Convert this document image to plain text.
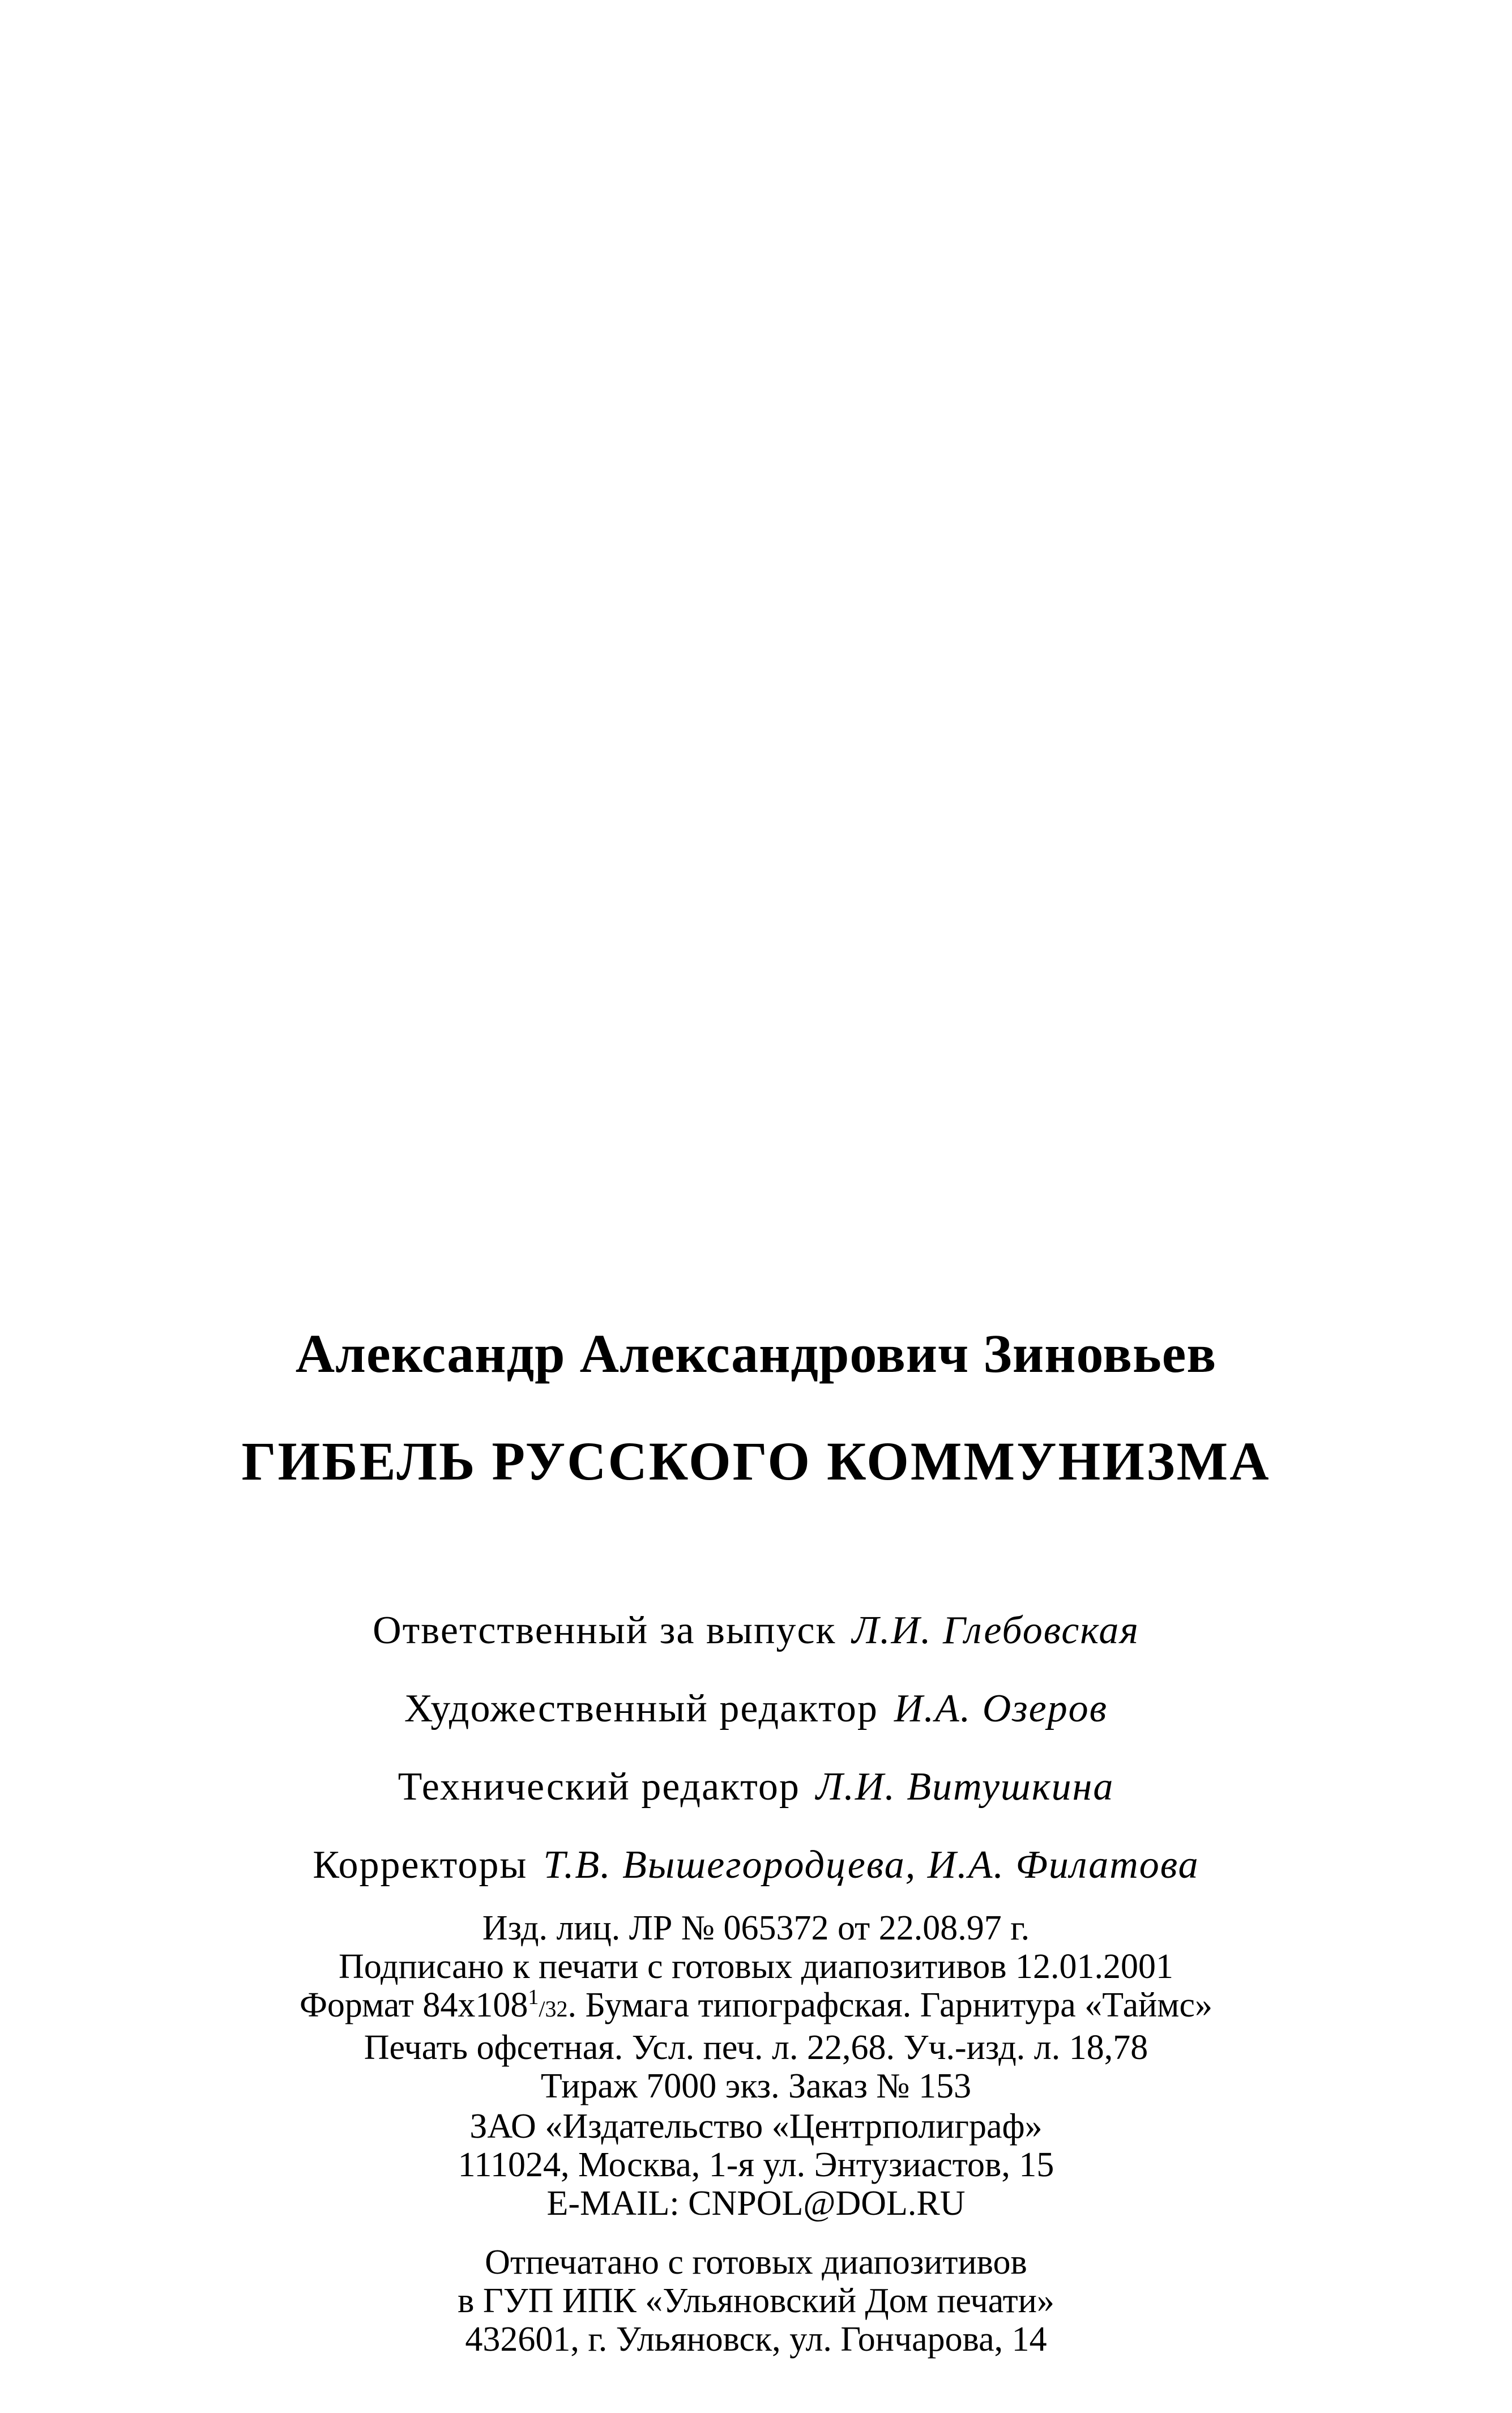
Александр Александрович Зиновьев
ГИБЕЛЬ РУССКОГО КОММУНИЗМА
Ответственный за выпуск Л.И. Глебовская
Художественный редактор И.А. Озеров
Технический редактор Л.И. Витушкина
Корректоры Т.В. Вышегородцева, И.А. Филатова
Изд. лиц. ЛР № 065372 от 22.08.97 г.
Подписано к печати с готовых диапозитивов 12.01.2001
Формат $84x108^1/32$. Бумага типографская. Гарнитура «Таймс»
Печать офсетная. Усл. печ. л. 22,68. Уч.-изд. л. 18,78
Тираж 7000 экз. Заказ № 153
ЗАО «Издательство «Центрполиграф»
111024, Москва, 1-я ул. Энтузиастов, 15
E-MAIL: CNPOL@DOL.RU
Отпечатано с готовых диапозитивов
в ГУП ИПК «Ульяновский Дом печати»
432601, г. Ульяновск, ул. Гончарова, 14
